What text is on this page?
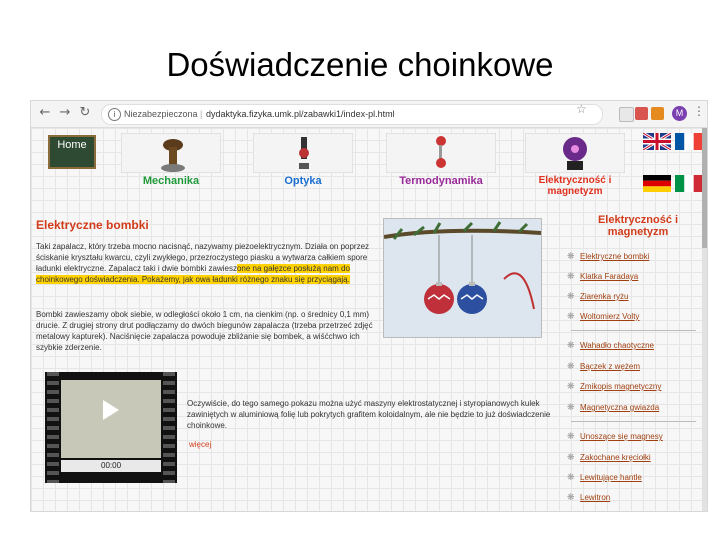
Doświadczenie choinkowe
← → ↻	i Niezabezpieczona | dydaktyka.fizyka.umk.pl/zabawki1/index-pl.html	☆	M ⋮
Home
Mechanika	Optyka	Termodynamika	Elektryczność i magnetyzm
Elektryczne bombki
Taki zapalacz, który trzeba mocno nacisnąć, nazywamy piezoelektrycznym. Działa on poprzez ściskanie kryształu kwarcu, czyli zwykłego, przezroczystego piasku a wytwarza całkiem spore ładunki elektryczne. Zapalacz taki i dwie bombki zawieszone na gałęzce posłużą nam do choinkowego doświadczenia. Pokażemy, jak owa ładunki różnego znaku się przyciągają.
Bombki zawieszamy obok siebie, w odległości około 1 cm, na cienkim (np. o średnicy 0,1 mm) drucie. Z drugiej strony drut podłączamy do dwóch biegunów zapalacza (trzeba przetrzeć zdjęć metalowy kapturek). Naciśnięcie zapalacza powoduje zbliżanie się bombek, a wiśćchwo ich szybkie zderzenie.
00:00
Oczywiście, do tego samego pokazu można użyć maszyny elektrostatycznej i styropianowych kulek zawiniętych w aluminiową folię lub pokrytych grafitem koloidalnym, ale nie będzie to już doświadczenie choinkowe.
więcej
Elektryczność i magnetyzm
❋ Elektryczne bombki
❋ Klatka Faradaya
❋ Ziarenka ryżu
❋ Woltomierz Volty
❋ Wahadło chaotyczne
❋ Bączek z wężem
❋ Zmikopis magnetyczny
❋ Magnetyczna gwiazda
❋ Unoszące się magnesy
❋ Zakochane kręciołki
❋ Lewitujące hantle
❋ Lewitron
